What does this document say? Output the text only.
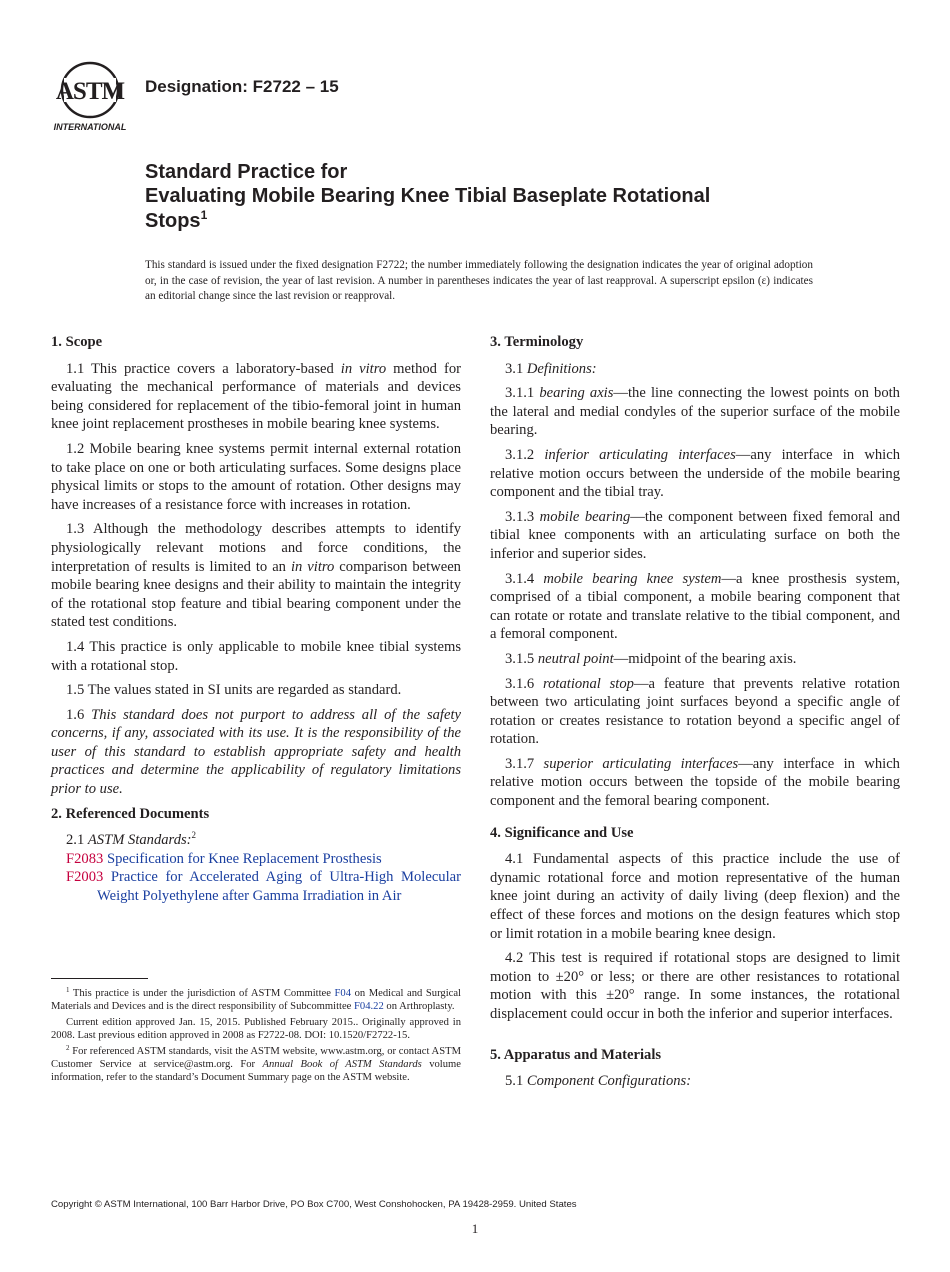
ASTM
INTERNATIONAL
Designation: F2722 – 15
Standard Practice for
Evaluating Mobile Bearing Knee Tibial Baseplate Rotational
Stops$^1$
This standard is issued under the fixed designation F2722; the number immediately following the designation indicates the year of original adoption or, in the case of revision, the year of last revision. A number in parentheses indicates the year of last reapproval. A superscript epsilon (ε) indicates an editorial change since the last revision or reapproval.
1. Scope

1.1 This practice covers a laboratory-based in vitro method for evaluating the mechanical performance of materials and devices being considered for replacement of the tibio-femoral joint in human knee joint replacement prostheses in mobile bearing knee systems.

1.2 Mobile bearing knee systems permit internal external rotation to take place on one or both articulating surfaces. Some designs place physical limits or stops to the amount of rotation. Other designs may have increases of a resistance force with increases in rotation.

1.3 Although the methodology describes attempts to identify physiologically relevant motions and force conditions, the interpretation of results is limited to an in vitro comparison between mobile bearing knee designs and their ability to maintain the integrity of the rotational stop feature and tibial bearing component under the stated test conditions.

1.4 This practice is only applicable to mobile knee tibial systems with a rotational stop.

1.5 The values stated in SI units are regarded as standard.

1.6 This standard does not purport to address all of the safety concerns, if any, associated with its use. It is the responsibility of the user of this standard to establish appropriate safety and health practices and determine the applicability of regulatory limitations prior to use.

2. Referenced Documents

2.1 ASTM Standards:$^2$

F2083 Specification for Knee Replacement Prosthesis

F2003 Practice for Accelerated Aging of Ultra-High Molecular Weight Polyethylene after Gamma Irradiation in Air

$^1$ This practice is under the jurisdiction of ASTM Committee F04 on Medical and Surgical Materials and Devices and is the direct responsibility of Subcommittee F04.22 on Arthroplasty.

Current edition approved Jan. 15, 2015. Published February 2015.. Originally approved in 2008. Last previous edition approved in 2008 as F2722-08. DOI: 10.1520/F2722-15.

$^2$ For referenced ASTM standards, visit the ASTM website, www.astm.org, or contact ASTM Customer Service at service@astm.org. For Annual Book of ASTM Standards volume information, refer to the standard’s Document Summary page on the ASTM website.

3. Terminology

3.1 Definitions:

3.1.1 bearing axis—the line connecting the lowest points on both the lateral and medial condyles of the superior surface of the mobile bearing.

3.1.2 inferior articulating interfaces—any interface in which relative motion occurs between the underside of the mobile bearing component and the tibial tray.

3.1.3 mobile bearing—the component between fixed femoral and tibial knee components with an articulating surface on both the inferior and superior sides.

3.1.4 mobile bearing knee system—a knee prosthesis system, comprised of a tibial component, a mobile bearing component that can rotate or rotate and translate relative to the tibial component, and a femoral component.

3.1.5 neutral point—midpoint of the bearing axis.

3.1.6 rotational stop—a feature that prevents relative rotation between two articulating joint surfaces beyond a specific angle of rotation or creates resistance to rotation beyond a specific angel of rotation.

3.1.7 superior articulating interfaces—any interface in which relative motion occurs between the topside of the mobile bearing component and the femoral bearing component.

4. Significance and Use

4.1 Fundamental aspects of this practice include the use of dynamic rotational force and motion representative of the human knee joint during an activity of daily living (deep flexion) and the effect of these forces and motions on the design features which stop or limit rotation in a mobile bearing knee design.

4.2 This test is required if rotational stops are designed to limit motion to ±20° or less; or there are other resistances to rotational motion with this ±20° range. In some instances, the rotational displacement could occur in both the inferior and superior interfaces.

5. Apparatus and Materials

5.1 Component Configurations:

Copyright © ASTM International, 100 Barr Harbor Drive, PO Box C700, West Conshohocken, PA 19428-2959. United States
1
